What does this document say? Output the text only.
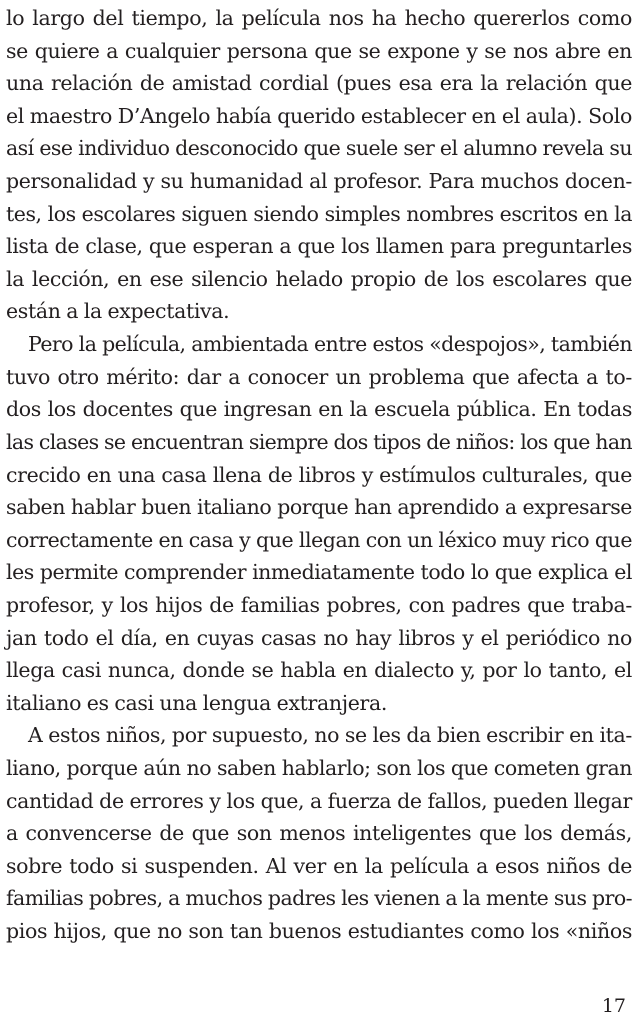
lo largo del tiempo, la película nos ha hecho quererlos como
se quiere a cualquier persona que se expone y se nos abre en
una relación de amistad cordial (pues esa era la relación que
el maestro D’Angelo había querido establecer en el aula). Solo
así ese individuo desconocido que suele ser el alumno revela su
personalidad y su humanidad al profesor. Para muchos docen-
tes, los escolares siguen siendo simples nombres escritos en la
lista de clase, que esperan a que los llamen para preguntarles
la lección, en ese silencio helado propio de los escolares que
están a la expectativa.
Pero la película, ambientada entre estos «despojos», también
tuvo otro mérito: dar a conocer un problema que afecta a to-
dos los docentes que ingresan en la escuela pública. En todas
las clases se encuentran siempre dos tipos de niños: los que han
crecido en una casa llena de libros y estímulos culturales, que
saben hablar buen italiano porque han aprendido a expresarse
correctamente en casa y que llegan con un léxico muy rico que
les permite comprender inmediatamente todo lo que explica el
profesor, y los hijos de familias pobres, con padres que traba-
jan todo el día, en cuyas casas no hay libros y el periódico no
llega casi nunca, donde se habla en dialecto y, por lo tanto, el
italiano es casi una lengua extranjera.
A estos niños, por supuesto, no se les da bien escribir en ita-
liano, porque aún no saben hablarlo; son los que cometen gran
cantidad de errores y los que, a fuerza de fallos, pueden llegar
a convencerse de que son menos inteligentes que los demás,
sobre todo si suspenden. Al ver en la película a esos niños de
familias pobres, a muchos padres les vienen a la mente sus pro-
pios hijos, que no son tan buenos estudiantes como los «niños
17
